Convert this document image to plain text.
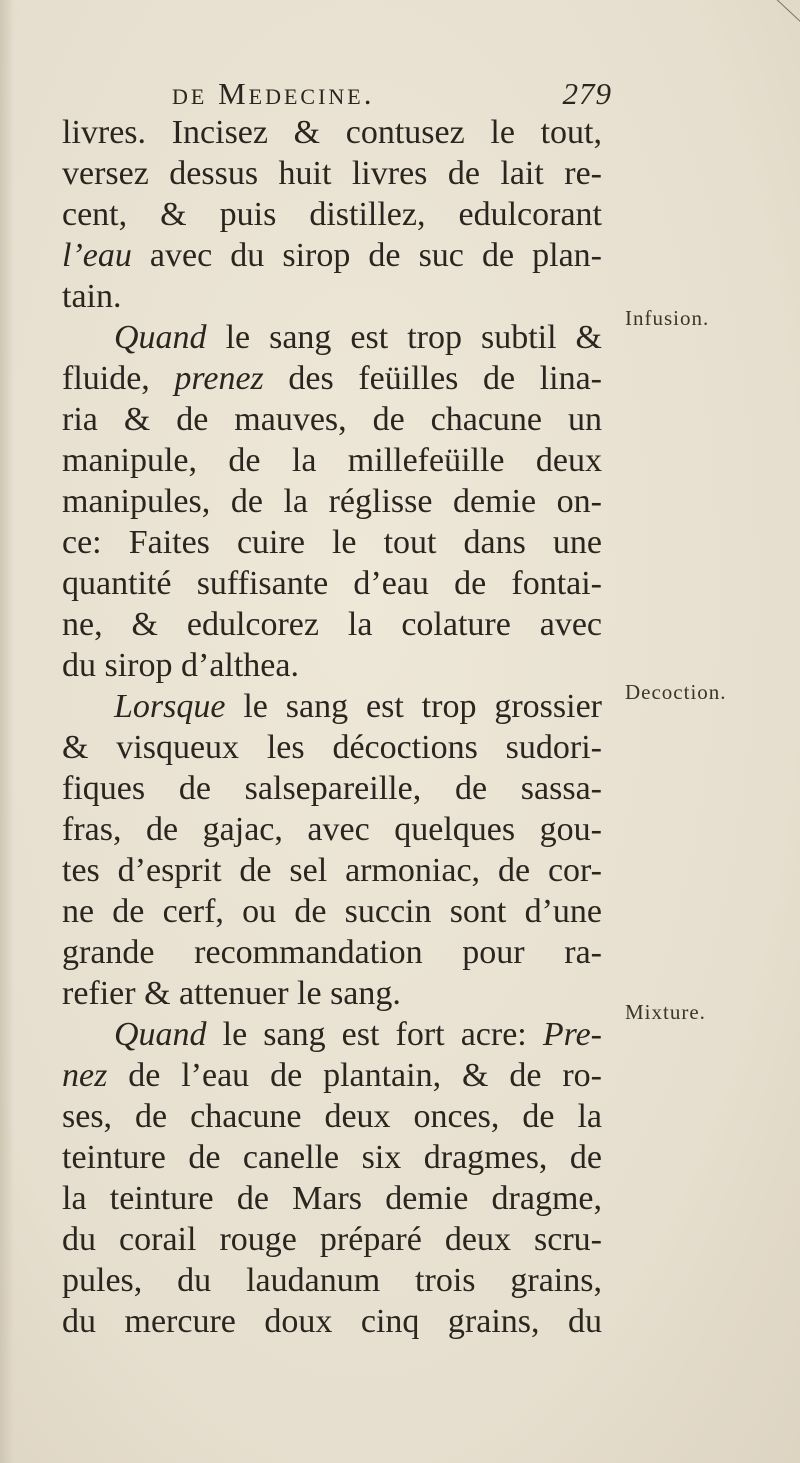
de Medecine.	279
livres. Incisez & contusez le tout,
versez dessus huit livres de lait re-
cent, & puis distillez, edulcorant
l’eau avec du sirop de suc de plan-
tain.
Quand le sang est trop subtil &
fluide, prenez des feüilles de lina-
ria & de mauves, de chacune un
manipule, de la millefeüille deux
manipules, de la réglisse demie on-
ce: Faites cuire le tout dans une
quantité suffisante d’eau de fontai-
ne, & edulcorez la colature avec
du sirop d’althea.
Lorsque le sang est trop grossier
& visqueux les décoctions sudori-
fiques de salsepareille, de sassa-
fras, de gajac, avec quelques gou-
tes d’esprit de sel armoniac, de cor-
ne de cerf, ou de succin sont d’une
grande recommandation pour ra-
refier & attenuer le sang.
Quand le sang est fort acre: Pre-
nez de l’eau de plantain, & de ro-
ses, de chacune deux onces, de la
teinture de canelle six dragmes, de
la teinture de Mars demie dragme,
du corail rouge préparé deux scru-
pules, du laudanum trois grains,
du mercure doux cinq grains, du
Infusion.
Decoction.
Mixture.
